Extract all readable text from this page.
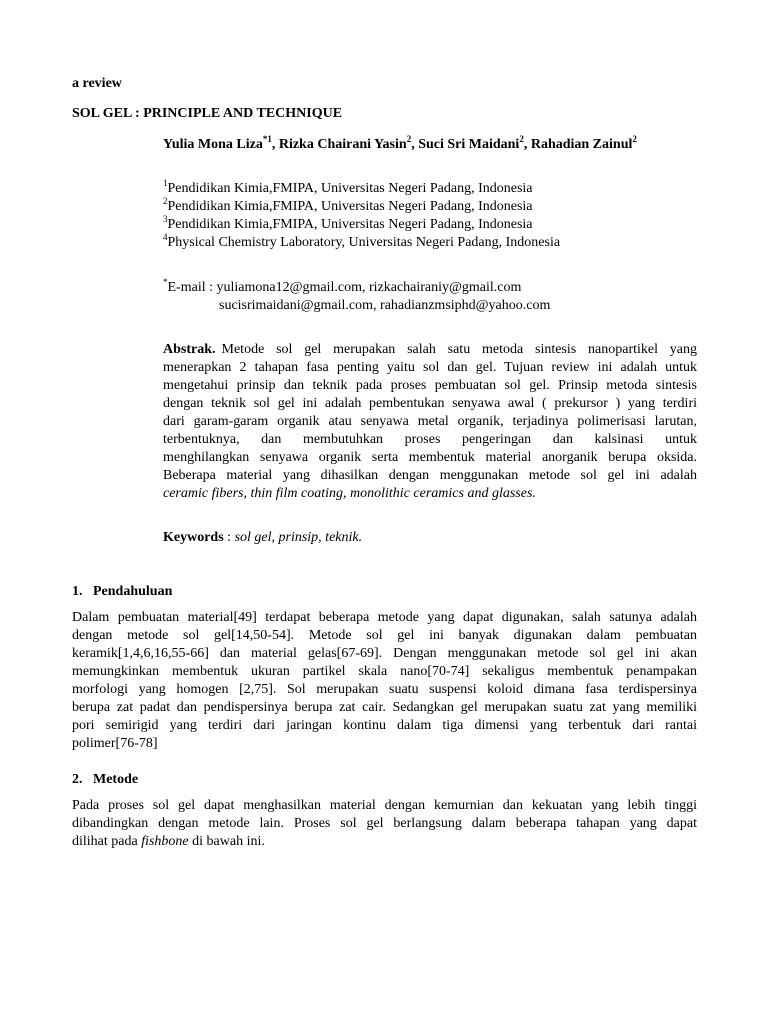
a review
SOL GEL : PRINCIPLE AND TECHNIQUE
Yulia Mona Liza$^{*1}$, Rizka Chairani Yasin$^2$, Suci Sri Maidani$^2$, Rahadian Zainul$^2$
$^1$Pendidikan Kimia,FMIPA, Universitas Negeri Padang, Indonesia
$^2$Pendidikan Kimia,FMIPA, Universitas Negeri Padang, Indonesia
$^3$Pendidikan Kimia,FMIPA, Universitas Negeri Padang, Indonesia
$^4$Physical Chemistry Laboratory, Universitas Negeri Padang, Indonesia
*E-mail : yuliamona12@gmail.com, rizkachairaniy@gmail.com
sucisrimaidani@gmail.com, rahadianzmsiphd@yahoo.com
Abstrak. Metode sol gel merupakan salah satu metoda sintesis nanopartikel yang
menerapkan 2 tahapan fasa penting yaitu sol dan gel. Tujuan review ini adalah untuk
mengetahui prinsip dan teknik pada proses pembuatan sol gel. Prinsip metoda sintesis
dengan teknik sol gel ini adalah pembentukan senyawa awal ( prekursor ) yang terdiri
dari garam-garam organik atau senyawa metal organik, terjadinya polimerisasi larutan,
terbentuknya, dan membutuhkan proses pengeringan dan kalsinasi untuk
menghilangkan senyawa organik serta membentuk material anorganik berupa oksida.
Beberapa material yang dihasilkan dengan menggunakan metode sol gel ini adalah
ceramic fibers, thin film coating, monolithic ceramics and glasses.
Keywords : sol gel, prinsip, teknik.
1.   Pendahuluan
Dalam pembuatan material[49] terdapat beberapa metode yang dapat digunakan, salah satunya adalah
dengan metode sol gel[14,50-54]. Metode sol gel ini banyak digunakan dalam pembuatan
keramik[1,4,6,16,55-66] dan material gelas[67-69]. Dengan menggunakan metode sol gel ini akan
memungkinkan membentuk ukuran partikel skala nano[70-74] sekaligus membentuk penampakan
morfologi yang homogen [2,75]. Sol merupakan suatu suspensi koloid dimana fasa terdispersinya
berupa zat padat dan pendispersinya berupa zat cair. Sedangkan gel merupakan suatu zat yang memiliki
pori semirigid yang terdiri dari jaringan kontinu dalam tiga dimensi yang terbentuk dari rantai
polimer[76-78]
2.   Metode
Pada proses sol gel dapat menghasilkan material dengan kemurnian dan kekuatan yang lebih tinggi
dibandingkan dengan metode lain. Proses sol gel berlangsung dalam beberapa tahapan yang dapat
dilihat pada fishbone di bawah ini.
